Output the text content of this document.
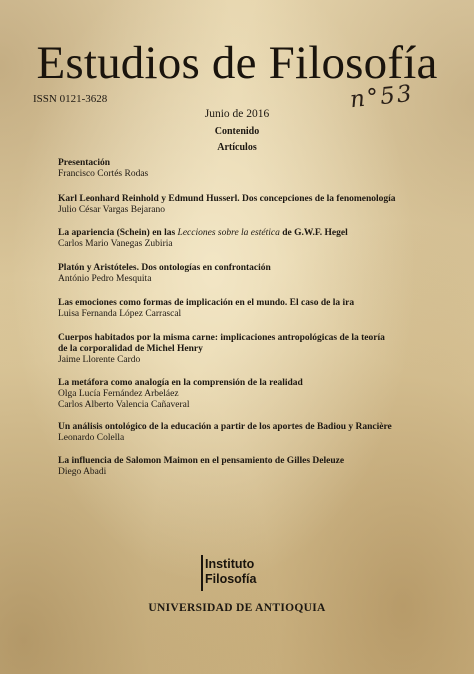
Estudios de Filosofía
ISSN 0121-3628	n°53
Junio de 2016
Contenido
Artículos
Presentación
Francisco Cortés Rodas
Karl Leonhard Reinhold y Edmund Husserl. Dos concepciones de la fenomenología
Julio César Vargas Bejarano
La apariencia (Schein) en las Lecciones sobre la estética de G.W.F. Hegel
Carlos Mario Vanegas Zubiria
Platón y Aristóteles. Dos ontologías en confrontación
António Pedro Mesquita
Las emociones como formas de implicación en el mundo. El caso de la ira
Luisa Fernanda López Carrascal
Cuerpos habitados por la misma carne: implicaciones antropológicas de la teoría
de la corporalidad de Michel Henry
Jaime Llorente Cardo
La metáfora como analogía en la comprensión de la realidad
Olga Lucía Fernández Arbeláez
Carlos Alberto Valencia Cañaveral
Un análisis ontológico de la educación a partir de los aportes de Badiou y Rancière
Leonardo Colella
La influencia de Salomon Maimon en el pensamiento de Gilles Deleuze
Diego Abadi
Instituto
Filosofía
UNIVERSIDAD DE ANTIOQUIA
